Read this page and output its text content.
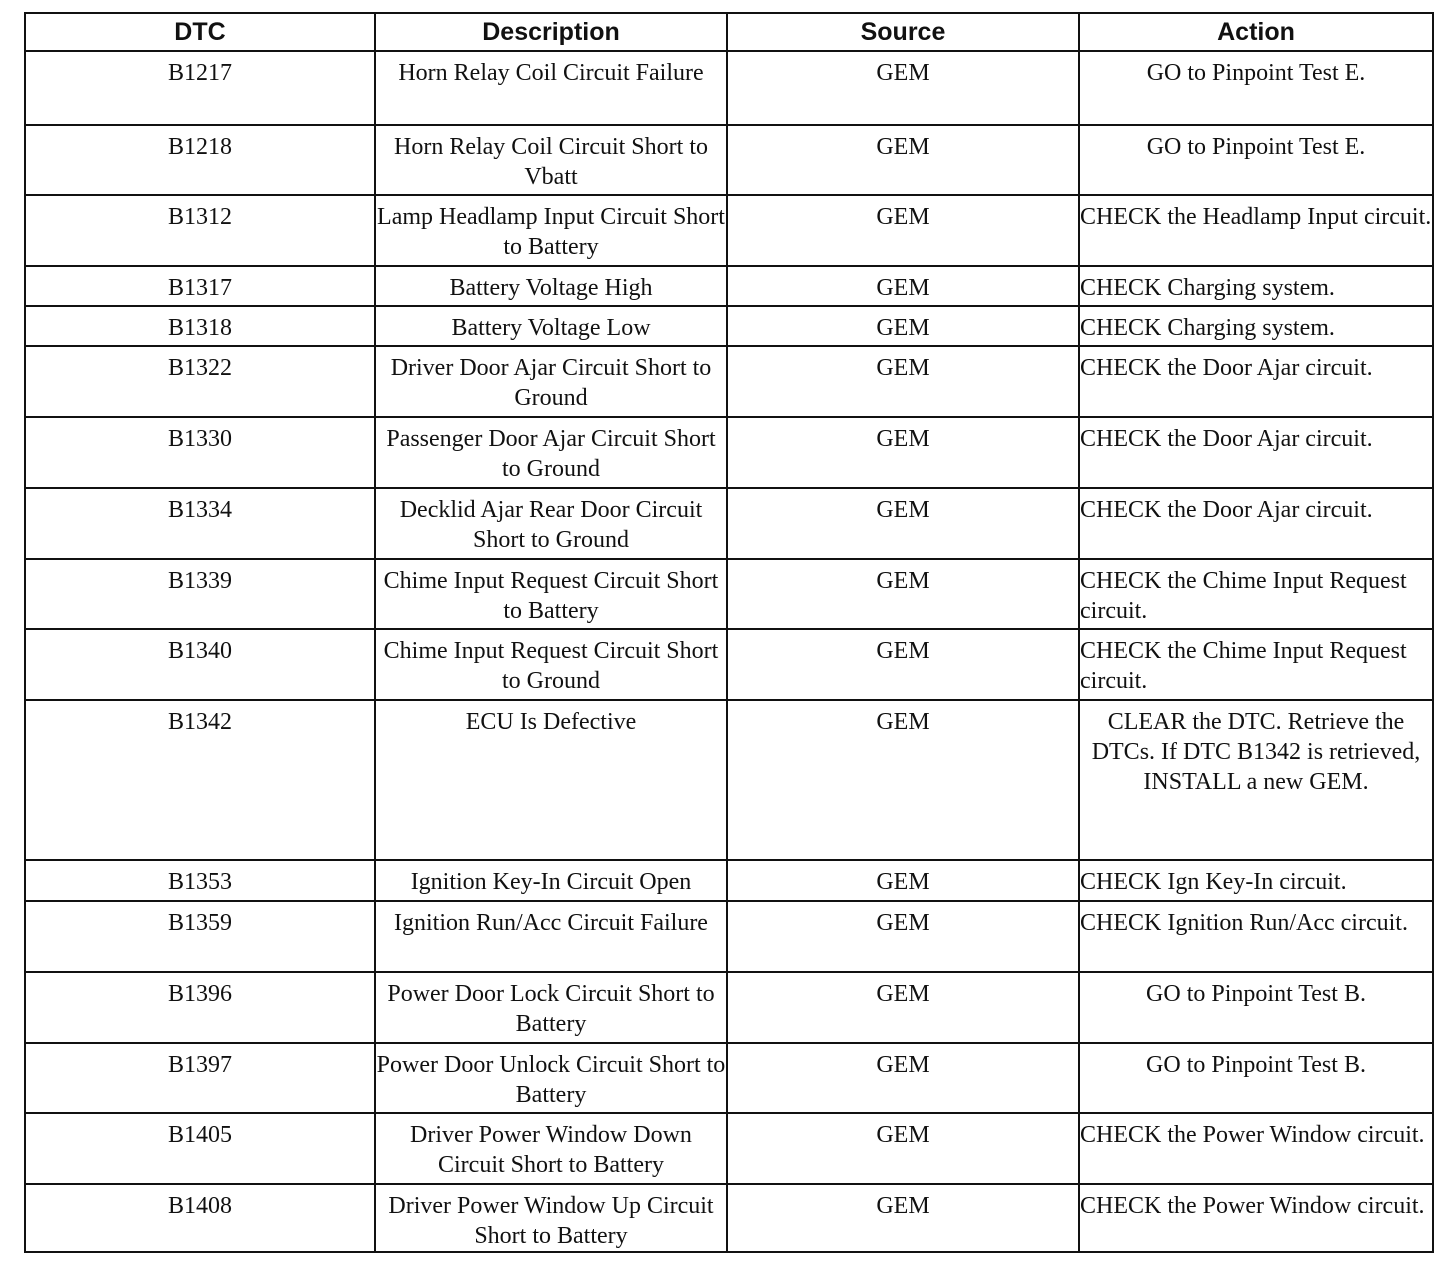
DTC	Description	Source	Action
B1217	Horn Relay Coil Circuit Failure	GEM	GO to Pinpoint Test E.
B1218	Horn Relay Coil Circuit Short to Vbatt	GEM	GO to Pinpoint Test E.
B1312	Lamp Headlamp Input Circuit Short to Battery	GEM	CHECK the Headlamp Input circuit.
B1317	Battery Voltage High	GEM	CHECK Charging system.
B1318	Battery Voltage Low	GEM	CHECK Charging system.
B1322	Driver Door Ajar Circuit Short to Ground	GEM	CHECK the Door Ajar circuit.
B1330	Passenger Door Ajar Circuit Short to Ground	GEM	CHECK the Door Ajar circuit.
B1334	Decklid Ajar Rear Door Circuit Short to Ground	GEM	CHECK the Door Ajar circuit.
B1339	Chime Input Request Circuit Short to Battery	GEM	CHECK the Chime Input Request circuit.
B1340	Chime Input Request Circuit Short to Ground	GEM	CHECK the Chime Input Request circuit.
B1342	ECU Is Defective	GEM	CLEAR the DTC. Retrieve the DTCs. If DTC B1342 is retrieved, INSTALL a new GEM.
B1353	Ignition Key-In Circuit Open	GEM	CHECK Ign Key-In circuit.
B1359	Ignition Run/Acc Circuit Failure	GEM	CHECK Ignition Run/Acc circuit.
B1396	Power Door Lock Circuit Short to Battery	GEM	GO to Pinpoint Test B.
B1397	Power Door Unlock Circuit Short to Battery	GEM	GO to Pinpoint Test B.
B1405	Driver Power Window Down Circuit Short to Battery	GEM	CHECK the Power Window circuit.
B1408	Driver Power Window Up Circuit Short to Battery	GEM	CHECK the Power Window circuit.
